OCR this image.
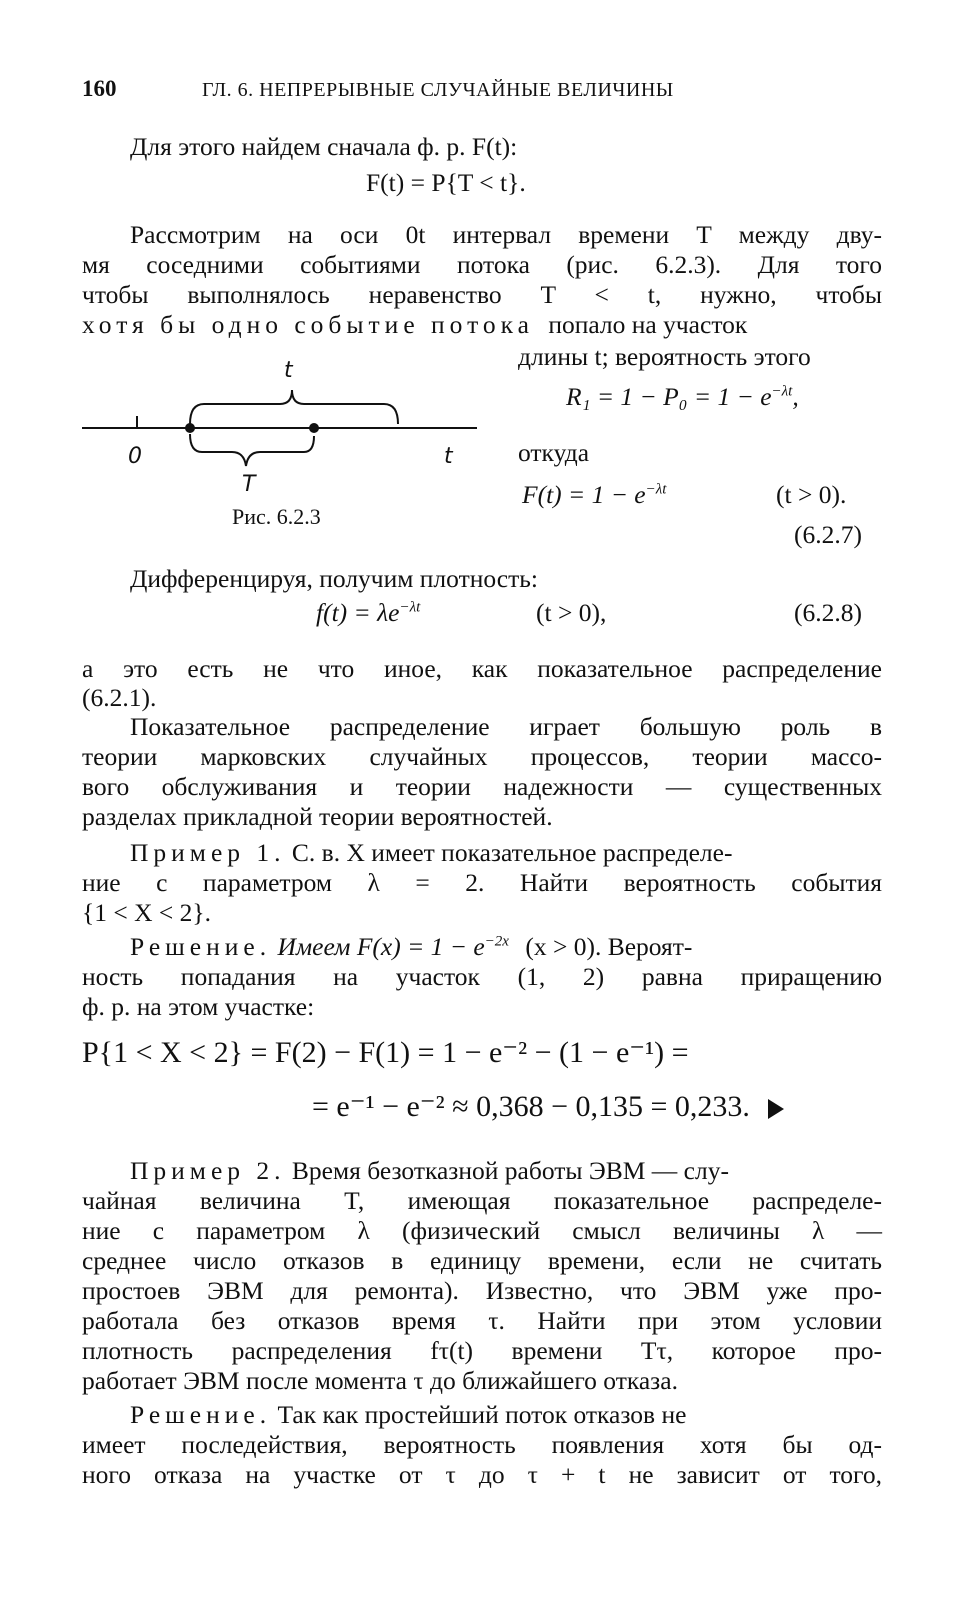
160	ГЛ. 6. НЕПРЕРЫВНЫЕ СЛУЧАЙНЫЕ ВЕЛИЧИНЫ
Для этого найдем сначала ф. р. F(t):
F(t) = P{T < t}.
Рассмотрим на оси 0t интервал времени T между дву-
мя соседними событиями потока (рис. 6.2.3). Для того
чтобы выполнялось неравенство T < t, нужно, чтобы
хотя бы одно событие потока попало на участок
длины t; вероятность этого
$R_1 = 1 - P_0 = 1 - e^{-\lambda t}$,
откуда
$F(t) = 1 - e^{-\lambda t}$	(t > 0).
(6.2.7)
t
0	t
T
Рис. 6.2.3
Дифференцируя, получим плотность:
$f(t) = \lambda e^{-\lambda t}$	(t > 0),	(6.2.8)
а это есть не что иное, как показательное распределение
(6.2.1).
Показательное распределение играет большую роль в
теории марковских случайных процессов, теории массо-
вого обслуживания и теории надежности — существенных
разделах прикладной теории вероятностей.
Пример 1. С. в. X имеет показательное распределе-
ние с параметром λ = 2. Найти вероятность события
{1 < X < 2}.
Решение. Имеем $F(x) = 1 - e^{-2x}$ (x > 0). Вероят-
ность попадания на участок (1, 2) равна приращению
ф. р. на этом участке:
P{1 < X < 2} = F(2) − F(1) = 1 − e⁻² − (1 − e⁻¹) =
= e⁻¹ − e⁻² ≈ 0,368 − 0,135 = 0,233.
Пример 2. Время безотказной работы ЭВМ — слу-
чайная величина T, имеющая показательное распределе-
ние с параметром λ (физический смысл величины λ —
среднее число отказов в единицу времени, если не считать
простоев ЭВМ для ремонта). Известно, что ЭВМ уже про-
работала без отказов время τ. Найти при этом условии
плотность распределения fτ(t) времени Tτ, которое про-
работает ЭВМ после момента τ до ближайшего отказа.
Решение. Так как простейший поток отказов не
имеет последействия, вероятность появления хотя бы од-
ного отказа на участке от τ до τ + t не зависит от того,
